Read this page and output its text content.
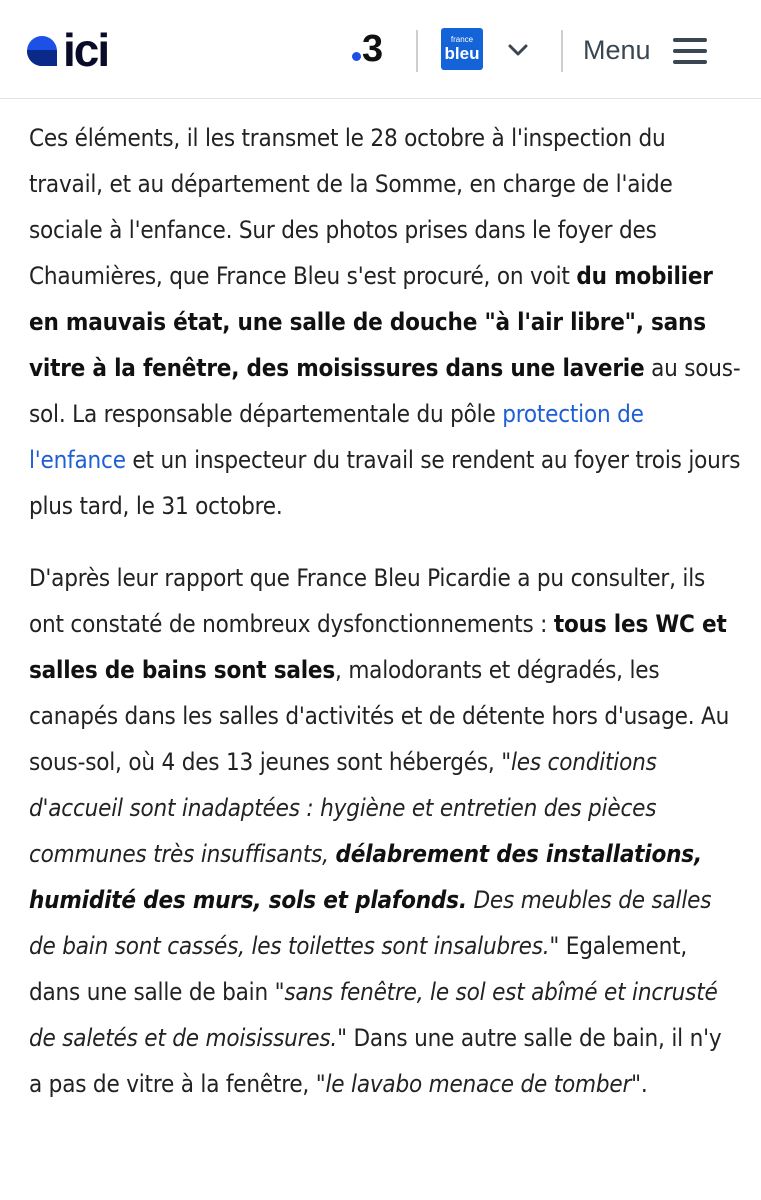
ici	3	france
bleu	Menu

Ces éléments, il les transmet le 28 octobre à l'inspection du travail, et au département de la Somme, en charge de l'aide sociale à l'enfance. Sur des photos prises dans le foyer des Chaumières, que France Bleu s'est procuré, on voit du mobilier en mauvais état, une salle de douche "à l'air libre", sans vitre à la fenêtre, des moisissures dans une laverie au sous-sol. La responsable départementale du pôle protection de l'enfance et un inspecteur du travail se rendent au foyer trois jours plus tard, le 31 octobre.

D'après leur rapport que France Bleu Picardie a pu consulter, ils ont constaté de nombreux dysfonctionnements : tous les WC et salles de bains sont sales, malodorants et dégradés, les canapés dans les salles d'activités et de détente hors d'usage. Au sous-sol, où 4 des 13 jeunes sont hébergés, "les conditions d'accueil sont inadaptées : hygiène et entretien des pièces communes très insuffisants, délabrement des installations, humidité des murs, sols et plafonds. Des meubles de salles de bain sont cassés, les toilettes sont insalubres." Egalement, dans une salle de bain "sans fenêtre, le sol est abîmé et incrusté de saletés et de moisissures." Dans une autre salle de bain, il n'y a pas de vitre à la fenêtre, "le lavabo menace de tomber".
